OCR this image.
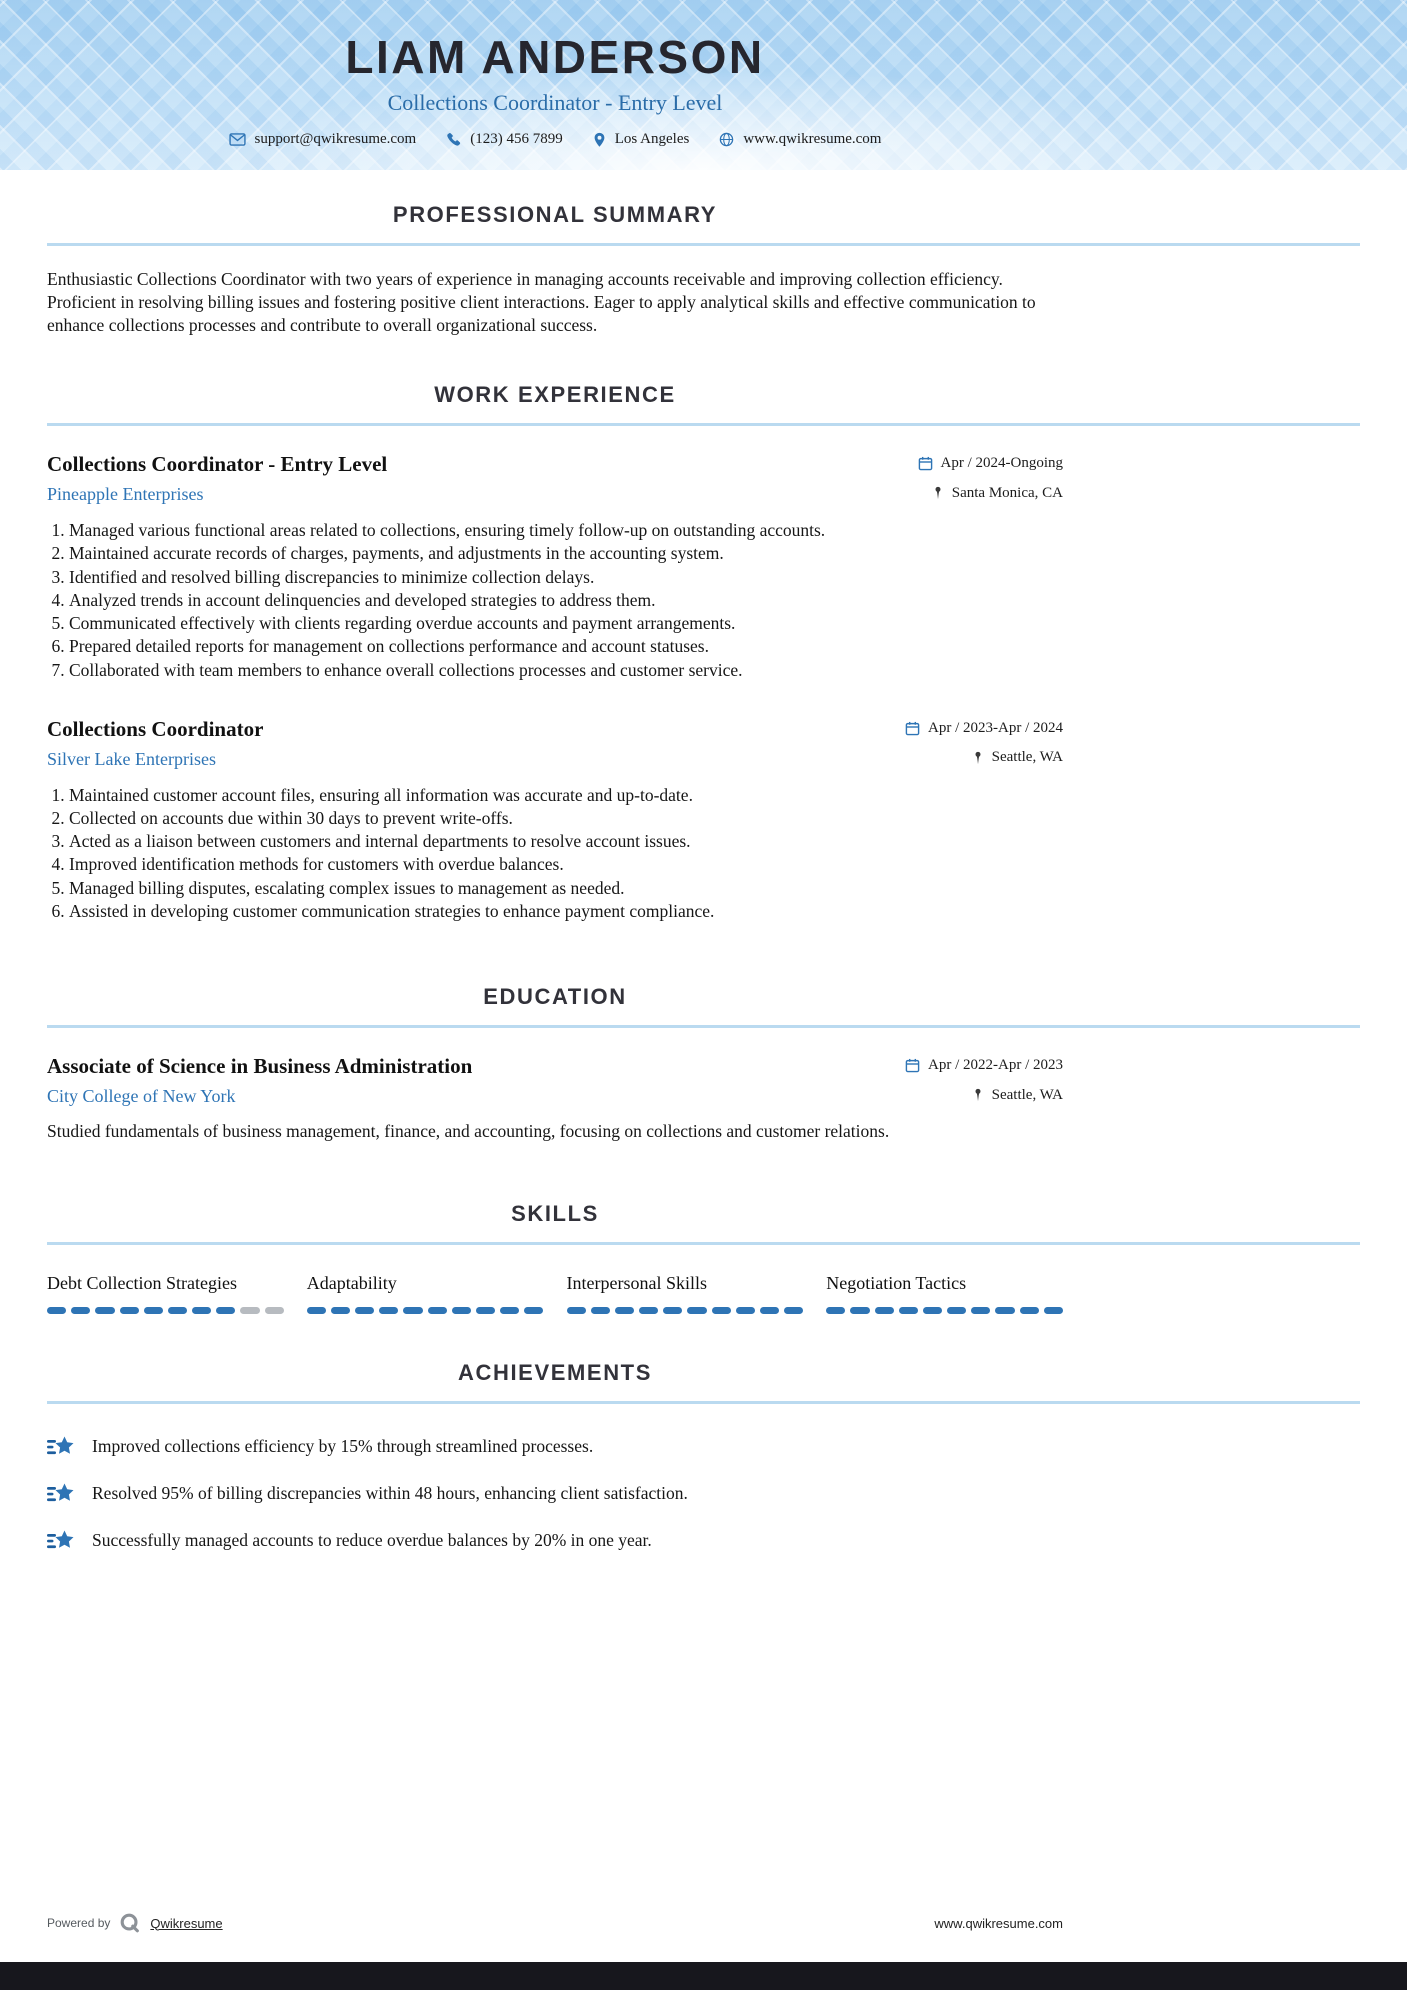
LIAM ANDERSON
Collections Coordinator - Entry Level
support@qwikresume.com	(123) 456 7899	Los Angeles	www.qwikresume.com
PROFESSIONAL SUMMARY

Enthusiastic Collections Coordinator with two years of experience in managing accounts receivable and improving collection efficiency. Proficient in resolving billing issues and fostering positive client interactions. Eager to apply analytical skills and effective communication to enhance collections processes and contribute to overall organizational success.

WORK EXPERIENCE
Collections Coordinator - Entry Level	Apr / 2024-Ongoing
Pineapple Enterprises	Santa Monica, CA
1. Managed various functional areas related to collections, ensuring timely follow-up on outstanding accounts.
2. Maintained accurate records of charges, payments, and adjustments in the accounting system.
3. Identified and resolved billing discrepancies to minimize collection delays.
4. Analyzed trends in account delinquencies and developed strategies to address them.
5. Communicated effectively with clients regarding overdue accounts and payment arrangements.
6. Prepared detailed reports for management on collections performance and account statuses.
7. Collaborated with team members to enhance overall collections processes and customer service.
Collections Coordinator	Apr / 2023-Apr / 2024
Silver Lake Enterprises	Seattle, WA
1. Maintained customer account files, ensuring all information was accurate and up-to-date.
2. Collected on accounts due within 30 days to prevent write-offs.
3. Acted as a liaison between customers and internal departments to resolve account issues.
4. Improved identification methods for customers with overdue balances.
5. Managed billing disputes, escalating complex issues to management as needed.
6. Assisted in developing customer communication strategies to enhance payment compliance.
EDUCATION
Associate of Science in Business Administration	Apr / 2022-Apr / 2023
City College of New York	Seattle, WA

Studied fundamentals of business management, finance, and accounting, focusing on collections and customer relations.

SKILLS
Debt Collection Strategies	Adaptability	Interpersonal Skills	Negotiation Tactics
ACHIEVEMENTS
Improved collections efficiency by 15% through streamlined processes.
Resolved 95% of billing discrepancies within 48 hours, enhancing client satisfaction.
Successfully managed accounts to reduce overdue balances by 20% in one year.
Powered by	Qwikresume	www.qwikresume.com
